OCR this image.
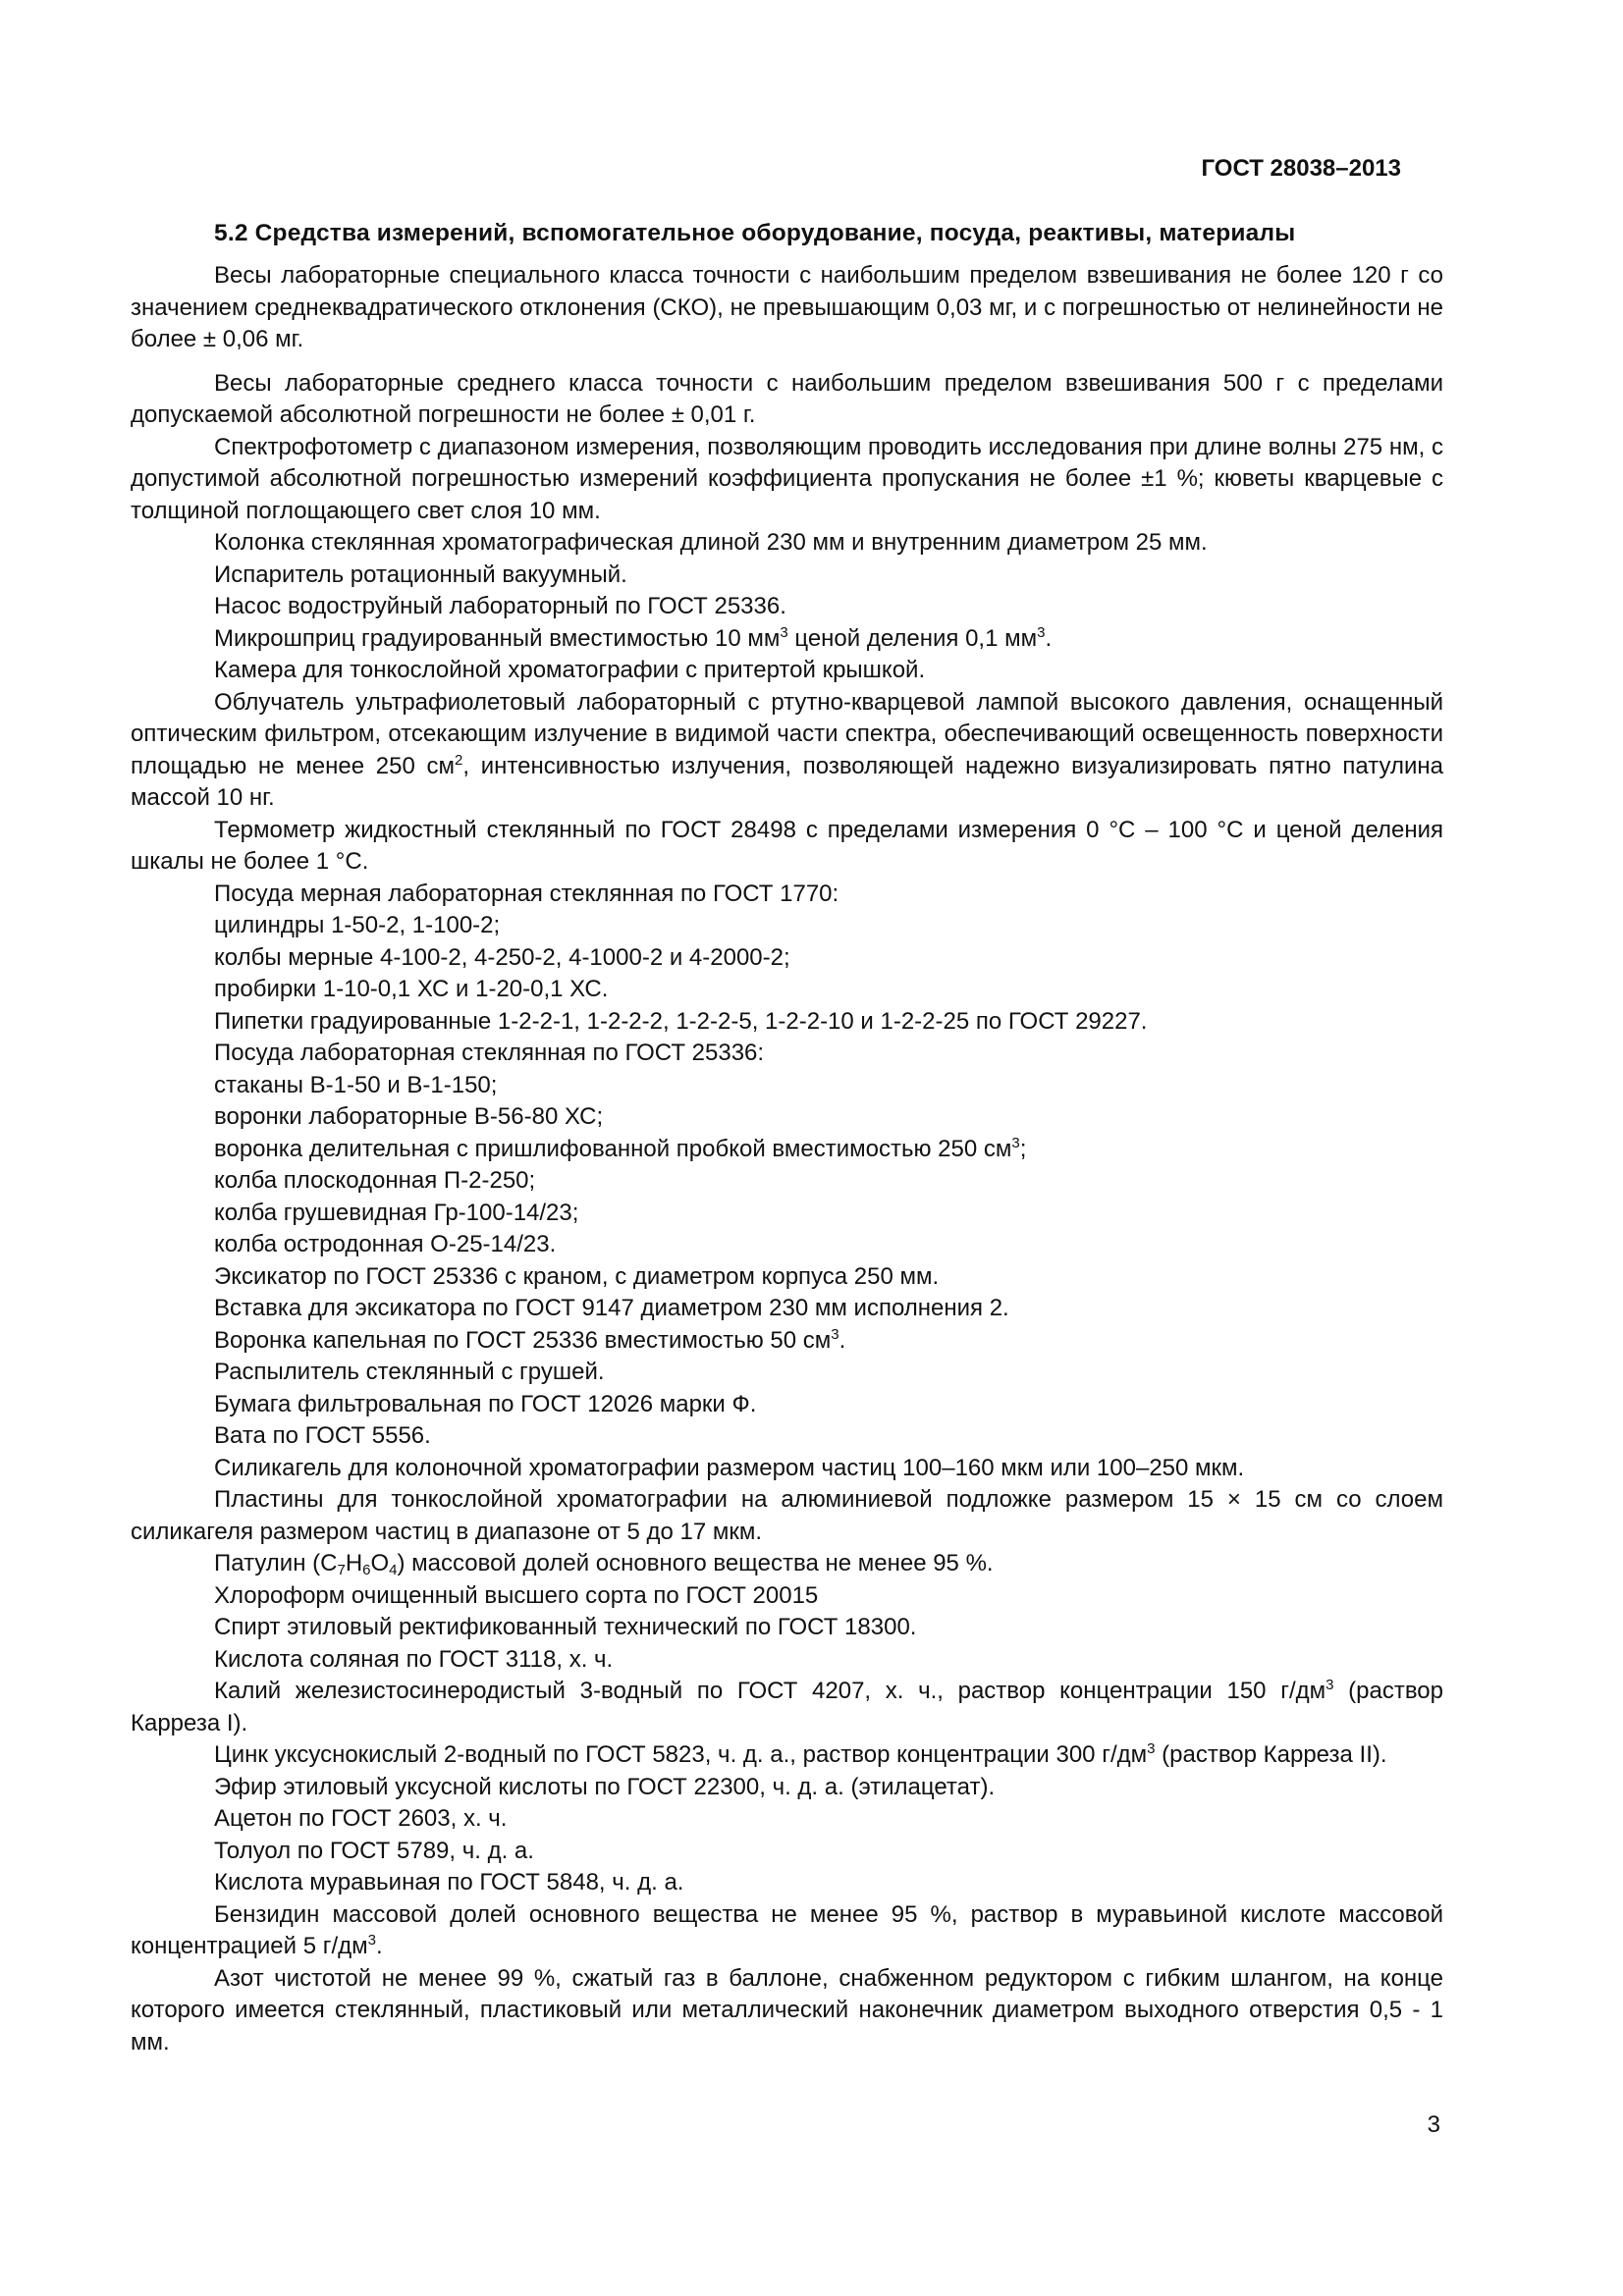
ГОСТ 28038–2013

5.2 Средства измерений, вспомогательное оборудование, посуда, реактивы, материалы

Весы лабораторные специального класса точности с наибольшим пределом взвешивания не более 120 г со значением среднеквадратического отклонения (СКО), не превышающим 0,03 мг, и с погрешностью от нелинейности не более ± 0,06 мг.

Весы лабораторные среднего класса точности с наибольшим пределом взвешивания 500 г с пределами допускаемой абсолютной погрешности не более ± 0,01 г.

Спектрофотометр с диапазоном измерения, позволяющим проводить исследования при длине волны 275 нм, с допустимой абсолютной погрешностью измерений коэффициента пропускания не более ±1 %; кюветы кварцевые с толщиной поглощающего свет слоя 10 мм.

Колонка стеклянная хроматографическая длиной 230 мм и внутренним диаметром 25 мм.

Испаритель ротационный вакуумный.

Насос водоструйный лабораторный по ГОСТ 25336.

Микрошприц градуированный вместимостью 10 $мм^3$ ценой деления 0,1 $мм^3$.

Камера для тонкослойной хроматографии с притертой крышкой.

Облучатель ультрафиолетовый лабораторный с ртутно-кварцевой лампой высокого давления, оснащенный оптическим фильтром, отсекающим излучение в видимой части спектра, обеспечивающий освещенность поверхности площадью не менее 250 $см^2$, интенсивностью излучения, позволяющей надежно визуализировать пятно патулина массой 10 нг.

Термометр жидкостный стеклянный по ГОСТ 28498 с пределами измерения 0 °С – 100 °С и ценой деления шкалы не более 1 °С.

Посуда мерная лабораторная стеклянная по ГОСТ 1770:

цилиндры 1-50-2, 1-100-2;

колбы мерные 4-100-2, 4-250-2, 4-1000-2 и 4-2000-2;

пробирки 1-10-0,1 ХС и 1-20-0,1 ХС.

Пипетки градуированные 1-2-2-1, 1-2-2-2, 1-2-2-5, 1-2-2-10 и 1-2-2-25 по ГОСТ 29227.

Посуда лабораторная стеклянная по ГОСТ 25336:

стаканы В-1-50 и В-1-150;

воронки лабораторные В-56-80 ХС;

воронка делительная с пришлифованной пробкой вместимостью 250 $см^3$;

колба плоскодонная П-2-250;

колба грушевидная Гр-100-14/23;

колба остродонная О-25-14/23.

Эксикатор по ГОСТ 25336 с краном, с диаметром корпуса 250 мм.

Вставка для эксикатора по ГОСТ 9147 диаметром 230 мм исполнения 2.

Воронка капельная по ГОСТ 25336 вместимостью 50 $см^3$.

Распылитель стеклянный с грушей.

Бумага фильтровальная по ГОСТ 12026 марки Ф.

Вата по ГОСТ 5556.

Силикагель для колоночной хроматографии размером частиц 100–160 мкм или 100–250 мкм.

Пластины для тонкослойной хроматографии на алюминиевой подложке размером 15 × 15 см со слоем силикагеля размером частиц в диапазоне от 5 до 17 мкм.

Патулин $(С_7Н_6О_4)$ массовой долей основного вещества не менее 95 %.

Хлороформ очищенный высшего сорта по ГОСТ 20015

Спирт этиловый ректификованный технический по ГОСТ 18300.

Кислота соляная по ГОСТ 3118, х. ч.

Калий железистосинеродистый 3-водный по ГОСТ 4207, х. ч., раствор концентрации 150 $г/дм^3$ (раствор Карреза I).

Цинк уксуснокислый 2-водный по ГОСТ 5823, ч. д. а., раствор концентрации 300 $г/дм^3$ (раствор Карреза II).

Эфир этиловый уксусной кислоты по ГОСТ 22300, ч. д. а. (этилацетат).

Ацетон по ГОСТ 2603, х. ч.

Толуол по ГОСТ 5789, ч. д. а.

Кислота муравьиная по ГОСТ 5848, ч. д. а.

Бензидин массовой долей основного вещества не менее 95 %, раствор в муравьиной кислоте массовой концентрацией 5 $г/дм^3$.

Азот чистотой не менее 99 %, сжатый газ в баллоне, снабженном редуктором с гибким шлангом, на конце которого имеется стеклянный, пластиковый или металлический наконечник диаметром выходного отверстия 0,5 - 1 мм.

3
